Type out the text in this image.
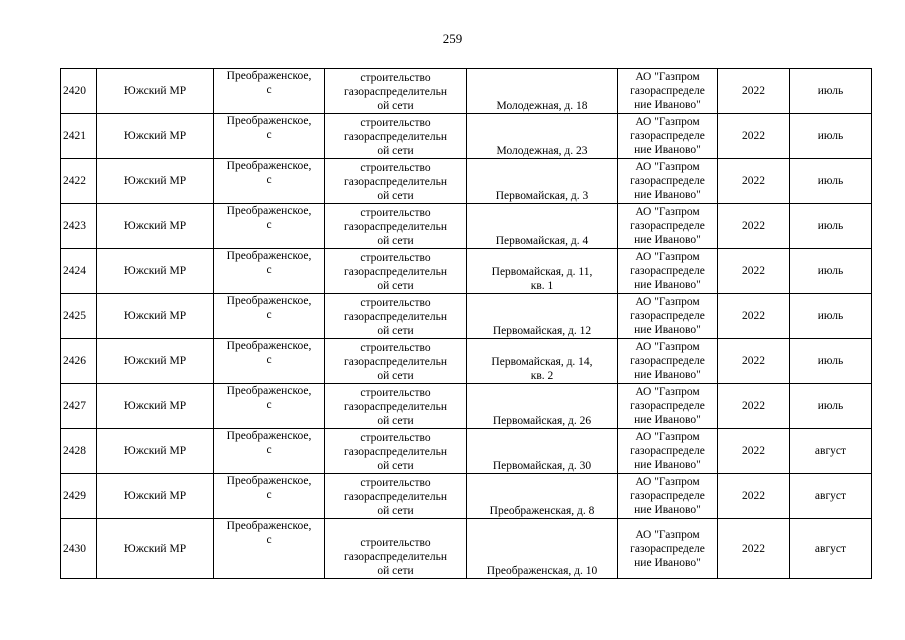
259
2420	Южский МР	Преображенское,
с	строительство
газораспределительн
ой сети	Молодежная, д. 18	АО "Газпром
газораспределе
ние Иваново"	2022	июль
2421	Южский МР	Преображенское,
с	строительство
газораспределительн
ой сети	Молодежная, д. 23	АО "Газпром
газораспределе
ние Иваново"	2022	июль
2422	Южский МР	Преображенское,
с	строительство
газораспределительн
ой сети	Первомайская, д. 3	АО "Газпром
газораспределе
ние Иваново"	2022	июль
2423	Южский МР	Преображенское,
с	строительство
газораспределительн
ой сети	Первомайская, д. 4	АО "Газпром
газораспределе
ние Иваново"	2022	июль
2424	Южский МР	Преображенское,
с	строительство
газораспределительн
ой сети	Первомайская, д. 11,
кв. 1	АО "Газпром
газораспределе
ние Иваново"	2022	июль
2425	Южский МР	Преображенское,
с	строительство
газораспределительн
ой сети	Первомайская, д. 12	АО "Газпром
газораспределе
ние Иваново"	2022	июль
2426	Южский МР	Преображенское,
с	строительство
газораспределительн
ой сети	Первомайская, д. 14,
кв. 2	АО "Газпром
газораспределе
ние Иваново"	2022	июль
2427	Южский МР	Преображенское,
с	строительство
газораспределительн
ой сети	Первомайская, д. 26	АО "Газпром
газораспределе
ние Иваново"	2022	июль
2428	Южский МР	Преображенское,
с	строительство
газораспределительн
ой сети	Первомайская, д. 30	АО "Газпром
газораспределе
ние Иваново"	2022	август
2429	Южский МР	Преображенское,
с	строительство
газораспределительн
ой сети	Преображенская, д. 8	АО "Газпром
газораспределе
ние Иваново"	2022	август
2430	Южский МР	Преображенское,
с	строительство
газораспределительн
ой сети	Преображенская, д. 10	АО "Газпром
газораспределе
ние Иваново"	2022	август
